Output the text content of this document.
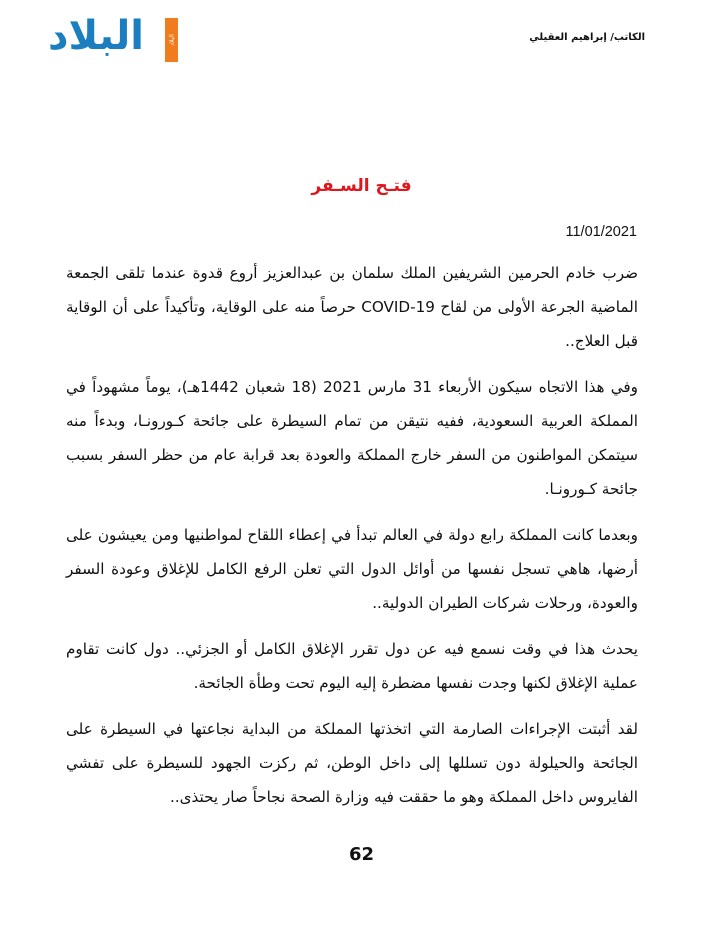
البلاد	البلاد	الكاتب/ إبراهيم العقيلي
فتـح السـفر
11/01/2021

ضرب خادم الحرمين الشريفين الملك سلمان بن عبدالعزيز أروع قدوة عندما تلقى الجمعة الماضية الجرعة الأولى من لقاح COVID-19 حرصاً منه على الوقاية، وتأكيداً على أن الوقاية قبل العلاج..

وفي هذا الاتجاه سيكون الأربعاء 31 مارس 2021 (18 شعبان 1442هـ)، يوماً مشهوداً في المملكة العربية السعودية، ففيه نتيقن من تمام السيطرة على جائحة كـورونـا، وبدءاً منه سيتمكن المواطنون من السفر خارج المملكة والعودة بعد قرابة عام من حظر السفر بسبب جائحة كـورونـا.

وبعدما كانت المملكة رابع دولة في العالم تبدأ في إعطاء اللقاح لمواطنيها ومن يعيشون على أرضها، هاهي تسجل نفسها من أوائل الدول التي تعلن الرفع الكامل للإغلاق وعودة السفر والعودة، ورحلات شركات الطيران الدولية..

يحدث هذا في وقت نسمع فيه عن دول تقرر الإغلاق الكامل أو الجزئي.. دول كانت تقاوم عملية الإغلاق لكنها وجدت نفسها مضطرة إليه اليوم تحت وطأة الجائحة.

لقد أثبتت الإجراءات الصارمة التي اتخذتها المملكة من البداية نجاعتها في السيطرة على الجائحة والحيلولة دون تسللها إلى داخل الوطن، ثم ركزت الجهود للسيطرة على تفشي الفايروس داخل المملكة وهو ما حققت فيه وزارة الصحة نجاحاً صار يحتذى..

62
